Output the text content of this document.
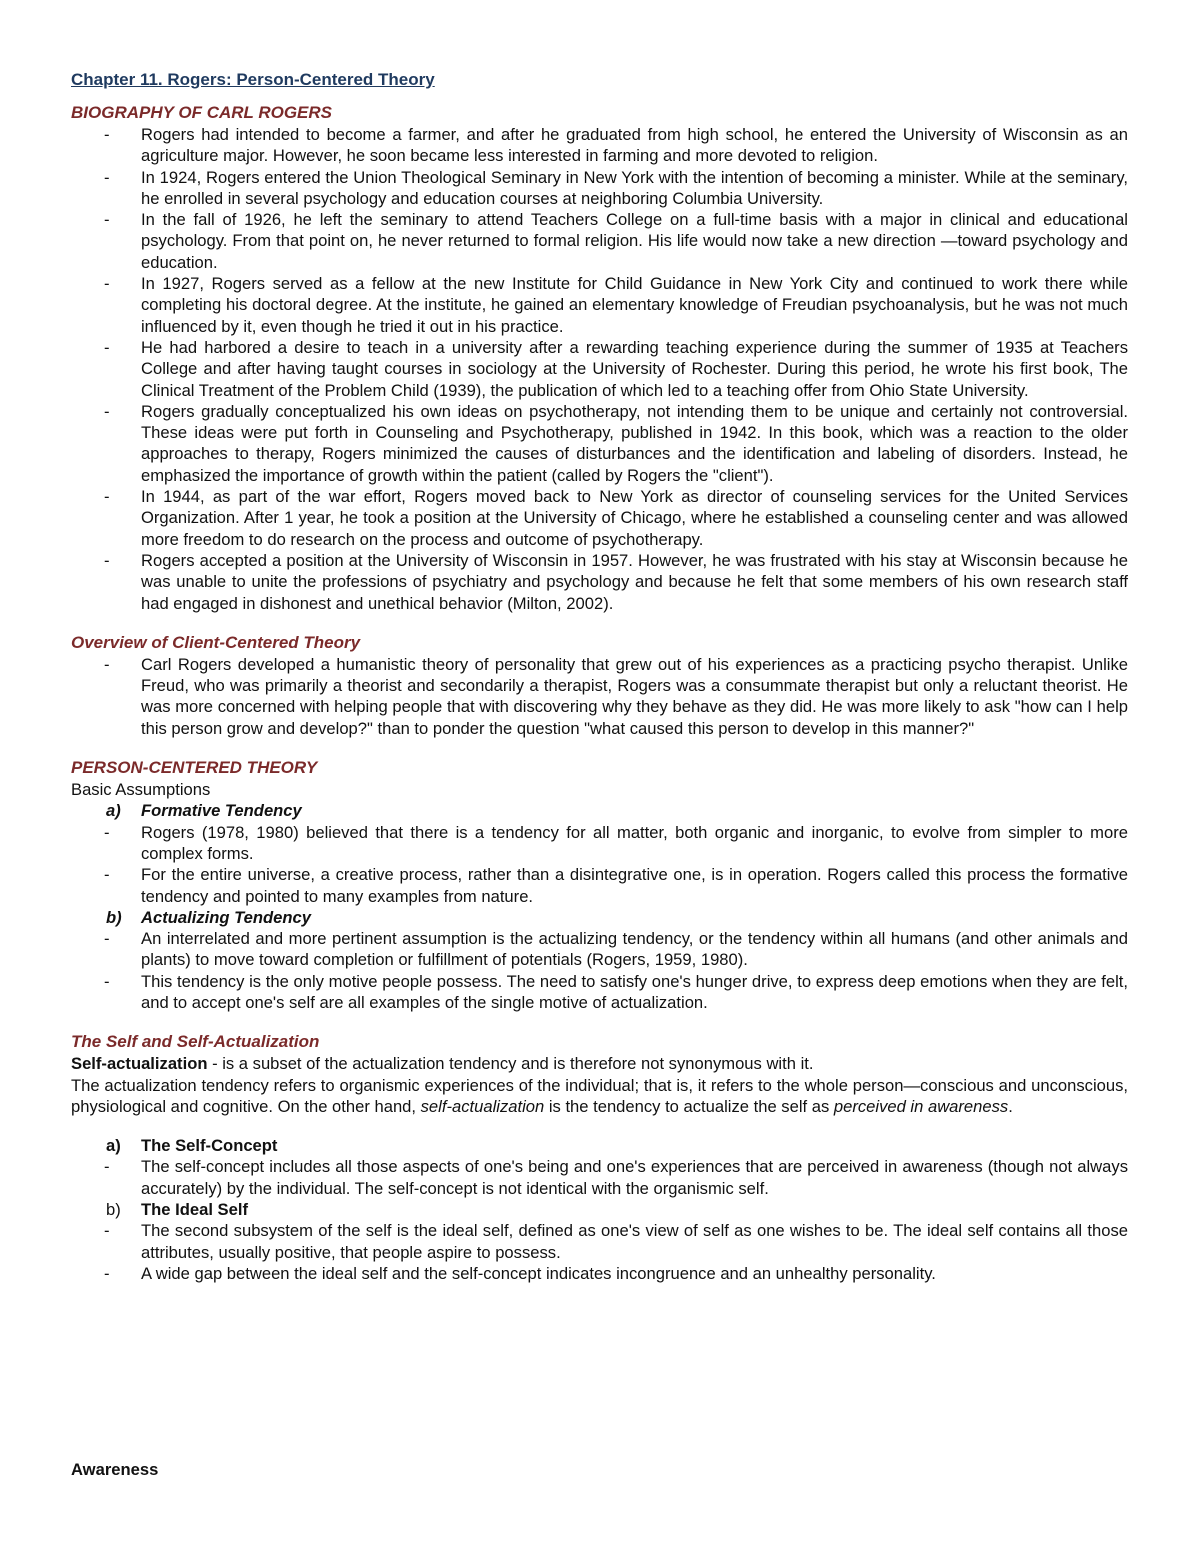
Chapter 11. Rogers: Person-Centered Theory
BIOGRAPHY OF CARL ROGERS
- Rogers had intended to become a farmer, and after he graduated from high school, he entered the University of Wisconsin as an agriculture major. However, he soon became less interested in farming and more devoted to religion.
- In 1924, Rogers entered the Union Theological Seminary in New York with the intention of becoming a minister. While at the seminary, he enrolled in several psychology and education courses at neighboring Columbia University.
- In the fall of 1926, he left the seminary to attend Teachers College on a full-time basis with a major in clinical and educational psychology. From that point on, he never returned to formal religion. His life would now take a new direction —toward psychology and education.
- In 1927, Rogers served as a fellow at the new Institute for Child Guidance in New York City and continued to work there while completing his doctoral degree. At the institute, he gained an elementary knowledge of Freudian psychoanalysis, but he was not much influenced by it, even though he tried it out in his practice.
- He had harbored a desire to teach in a university after a rewarding teaching experience during the summer of 1935 at Teachers College and after having taught courses in sociology at the University of Rochester. During this period, he wrote his first book, The Clinical Treatment of the Problem Child (1939), the publication of which led to a teaching offer from Ohio State University.
- Rogers gradually conceptualized his own ideas on psychotherapy, not intending them to be unique and certainly not controversial. These ideas were put forth in Counseling and Psychotherapy, published in 1942. In this book, which was a reaction to the older approaches to therapy, Rogers minimized the causes of disturbances and the identification and labeling of disorders. Instead, he emphasized the importance of growth within the patient (called by Rogers the "client").
- In 1944, as part of the war effort, Rogers moved back to New York as director of counseling services for the United Services Organization. After 1 year, he took a position at the University of Chicago, where he established a counseling center and was allowed more freedom to do research on the process and outcome of psychotherapy.
- Rogers accepted a position at the University of Wisconsin in 1957. However, he was frustrated with his stay at Wisconsin because he was unable to unite the professions of psychiatry and psychology and because he felt that some members of his own research staff had engaged in dishonest and unethical behavior (Milton, 2002).
Overview of Client-Centered Theory
- Carl Rogers developed a humanistic theory of personality that grew out of his experiences as a practicing psycho therapist. Unlike Freud, who was primarily a theorist and secondarily a therapist, Rogers was a consummate therapist but only a reluctant theorist. He was more concerned with helping people that with discovering why they behave as they did. He was more likely to ask "how can I help this person grow and develop?" than to ponder the question "what caused this person to develop in this manner?"
PERSON-CENTERED THEORY

Basic Assumptions

a) Formative Tendency
- Rogers (1978, 1980) believed that there is a tendency for all matter, both organic and inorganic, to evolve from simpler to more complex forms.
- For the entire universe, a creative process, rather than a disintegrative one, is in operation. Rogers called this process the formative tendency and pointed to many examples from nature.
b) Actualizing Tendency
- An interrelated and more pertinent assumption is the actualizing tendency, or the tendency within all humans (and other animals and plants) to move toward completion or fulfillment of potentials (Rogers, 1959, 1980).
- This tendency is the only motive people possess. The need to satisfy one's hunger drive, to express deep emotions when they are felt, and to accept one's self are all examples of the single motive of actualization.
The Self and Self-Actualization

Self-actualization - is a subset of the actualization tendency and is therefore not synonymous with it.

The actualization tendency refers to organismic experiences of the individual; that is, it refers to the whole person—conscious and unconscious, physiological and cognitive. On the other hand, self-actualization is the tendency to actualize the self as perceived in awareness.

a) The Self-Concept
- The self-concept includes all those aspects of one's being and one's experiences that are perceived in awareness (though not always accurately) by the individual. The self-concept is not identical with the organismic self.
b) The Ideal Self
- The second subsystem of the self is the ideal self, defined as one's view of self as one wishes to be. The ideal self contains all those attributes, usually positive, that people aspire to possess.
- A wide gap between the ideal self and the self-concept indicates incongruence and an unhealthy personality.
Awareness
